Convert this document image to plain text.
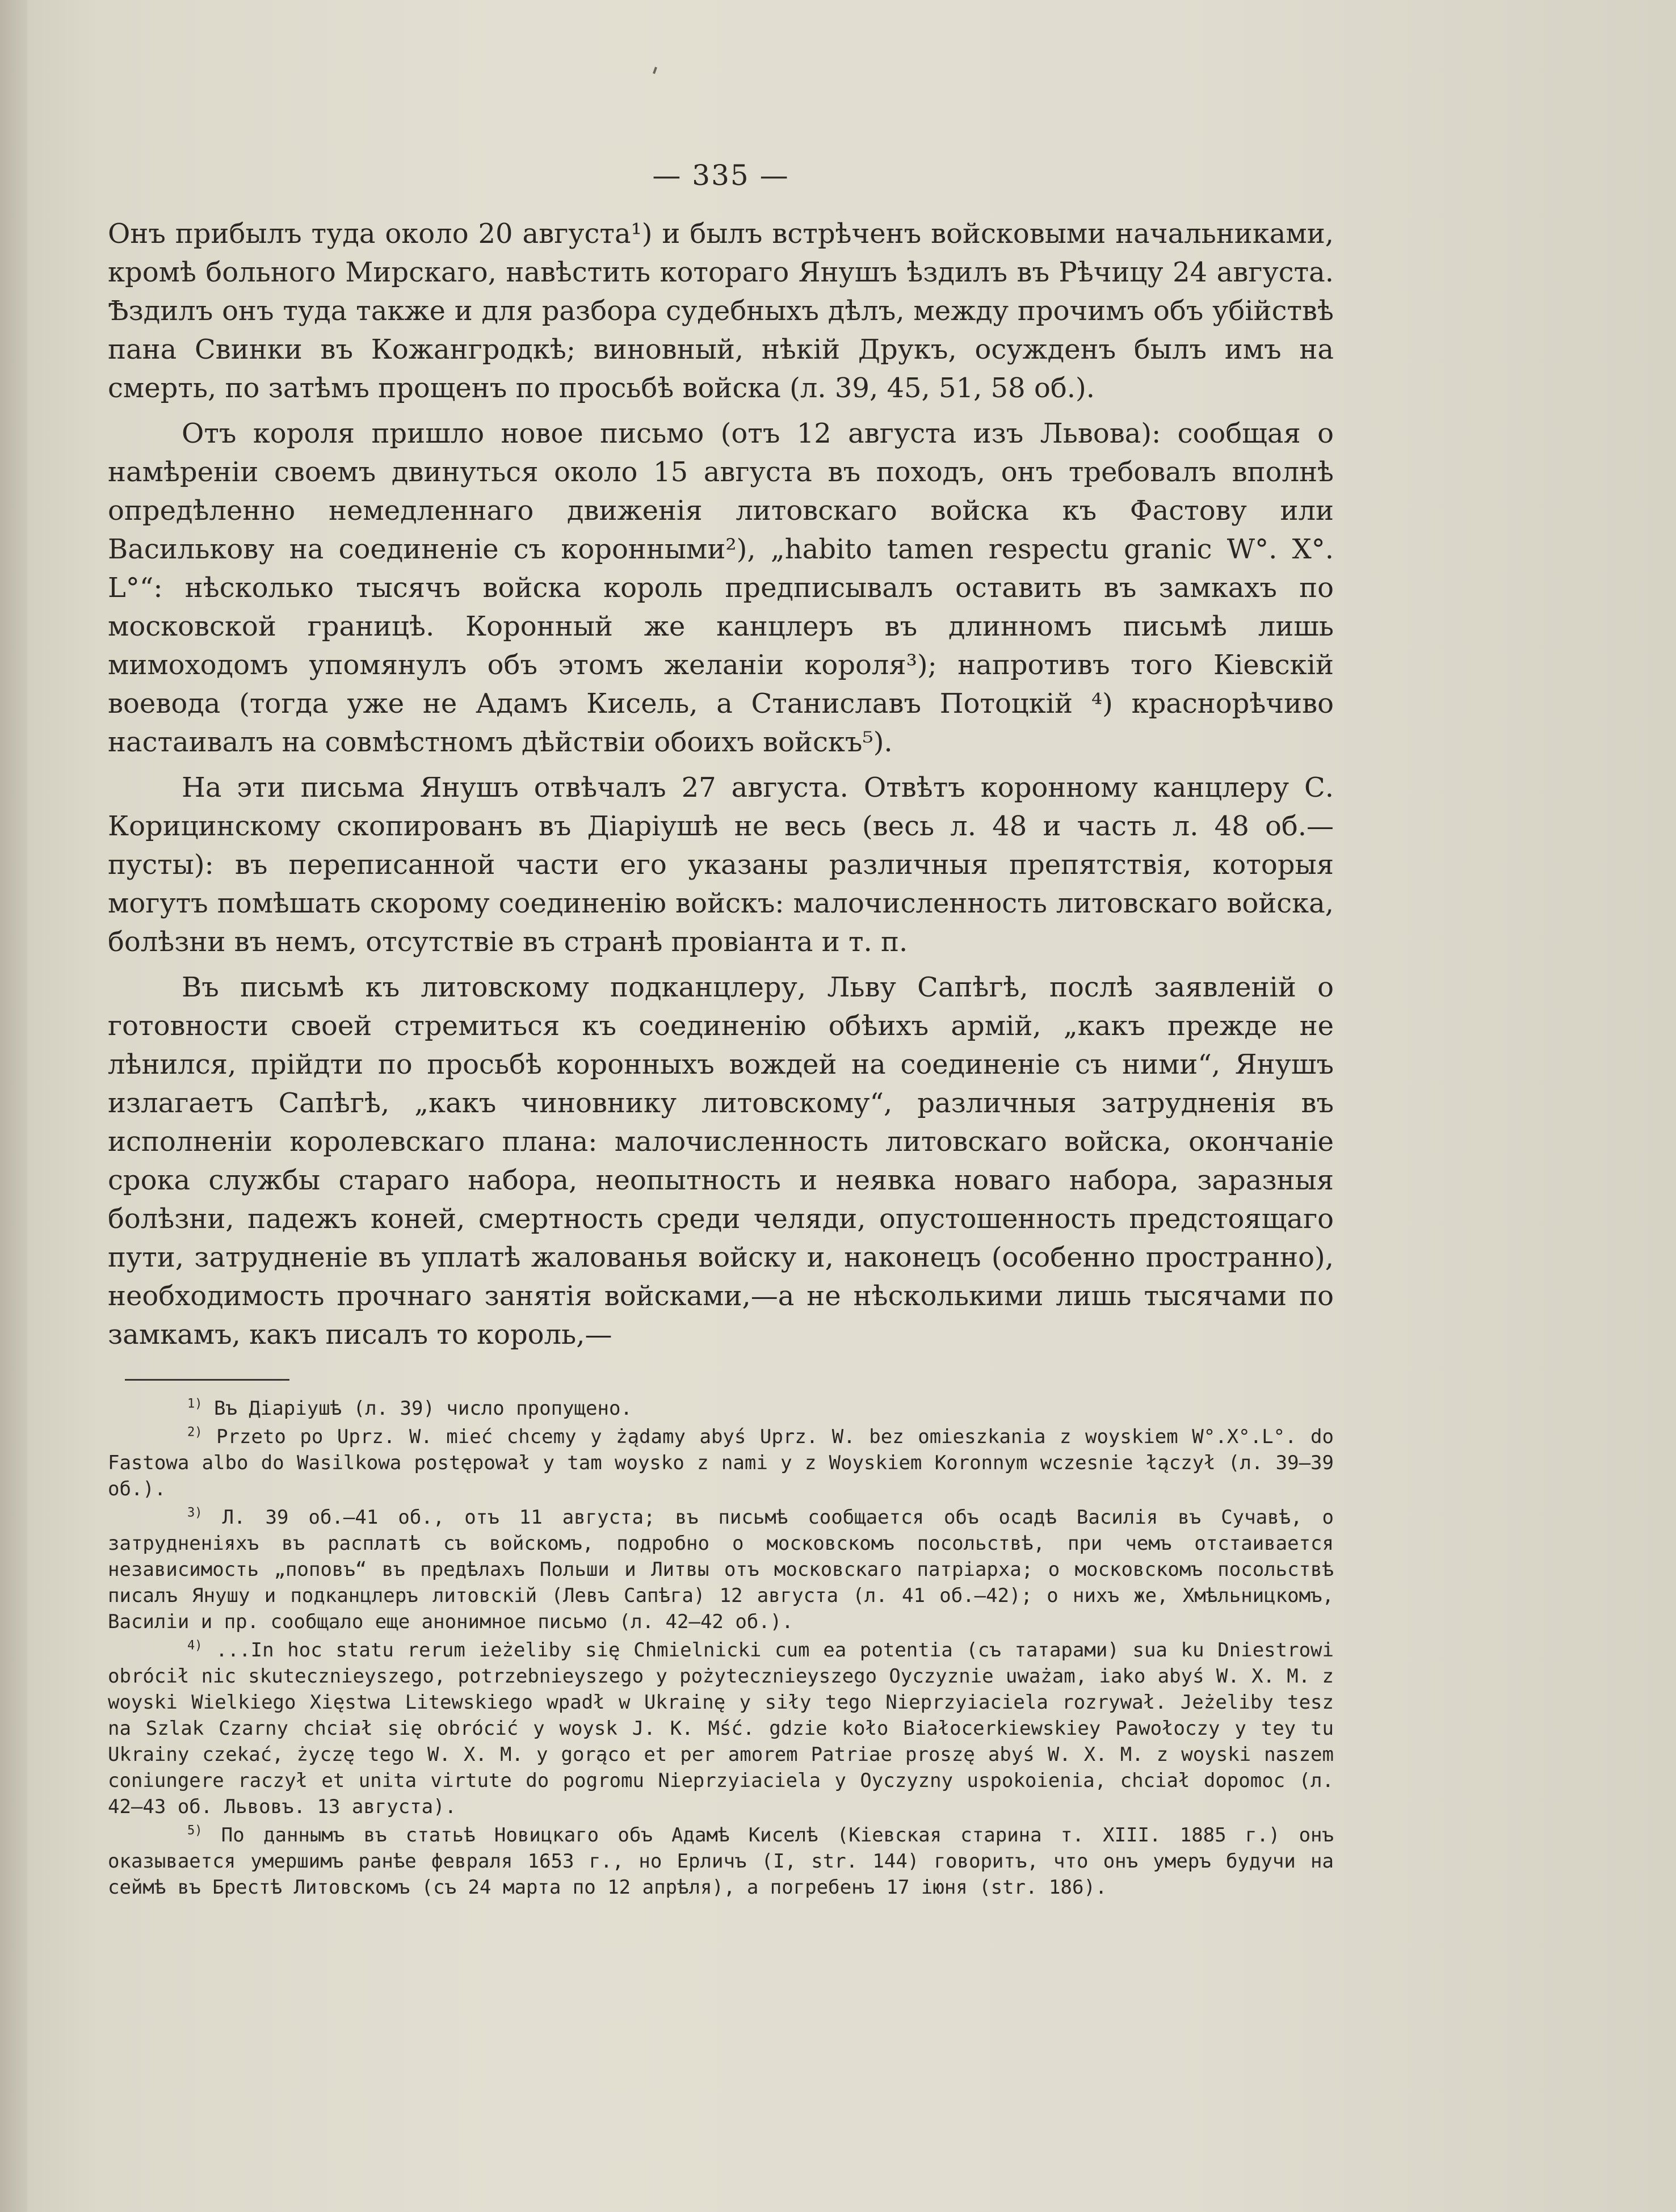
— 335 —

Онъ прибылъ туда около 20 августа¹) и былъ встрѣченъ войсковыми начальниками, кромѣ больного Мирскаго, навѣстить котораго Янушъ ѣздилъ въ Рѣчицу 24 августа. Ѣздилъ онъ туда также и для разбора судебныхъ дѣлъ, между прочимъ объ убійствѣ пана Свинки въ Кожангродкѣ; виновный, нѣкій Друкъ, осужденъ былъ имъ на смерть, по затѣмъ прощенъ по просьбѣ войска (л. 39, 45, 51, 58 об.).

Отъ короля пришло новое письмо (отъ 12 августа изъ Львова): сообщая о намѣреніи своемъ двинуться около 15 августа въ походъ, онъ требовалъ вполнѣ опредѣленно немедленнаго движенія литовскаго войска къ Фастову или Василькову на соединеніе съ коронными²), „habito tamen respectu granic W°. X°. L°“: нѣсколько тысячъ войска король предписывалъ оставить въ замкахъ по московской границѣ. Коронный же канцлеръ въ длинномъ письмѣ лишь мимоходомъ упомянулъ объ этомъ желаніи короля³); напротивъ того Кіевскій воевода (тогда уже не Адамъ Кисель, а Станиславъ Потоцкій ⁴) краснорѣчиво настаивалъ на совмѣстномъ дѣйствіи обоихъ войскъ⁵).

На эти письма Янушъ отвѣчалъ 27 августа. Отвѣтъ коронному канцлеру С. Корицинскому скопированъ въ Діаріушѣ не весь (весь л. 48 и часть л. 48 об.—пусты): въ переписанной части его указаны различныя препятствія, которыя могутъ помѣшать скорому соединенію войскъ: малочисленность литовскаго войска, болѣзни въ немъ, отсутствіе въ странѣ провіанта и т. п.

Въ письмѣ къ литовскому подканцлеру, Льву Сапѣгѣ, послѣ заявленій о готовности своей стремиться къ соединенію обѣихъ армій, „какъ прежде не лѣнился, прійдти по просьбѣ коронныхъ вождей на соединеніе съ ними“, Янушъ излагаетъ Сапѣгѣ, „какъ чиновнику литовскому“, различныя затрудненія въ исполненіи королевскаго плана: малочисленность литовскаго войска, окончаніе срока службы стараго набора, неопытность и неявка новаго набора, заразныя болѣзни, падежъ коней, смертность среди челяди, опустошенность предстоящаго пути, затрудненіе въ уплатѣ жалованья войску и, наконецъ (особенно пространно), необходимость прочнаго занятія войсками,—а не нѣсколькими лишь тысячами по замкамъ, какъ писалъ то король,—

$^{1)}$ Въ Діаріушѣ (л. 39) число пропущено.

$^{2)}$ Przeto po Uprz. W. mieć chcemy y żądamy abyś Uprz. W. bez omieszkania z woyskiem W°.X°.L°. do Fastowa albo do Wasilkowa postępował y tam woysko z nami y z Woyskiem Koronnym wczesnie łączył (л. 39—39 об.).

$^{3)}$ Л. 39 об.—41 об., отъ 11 августа; въ письмѣ сообщается объ осадѣ Василія въ Сучавѣ, о затрудненіяхъ въ расплатѣ съ войскомъ, подробно о московскомъ посольствѣ, при чемъ отстаивается независимость „поповъ“ въ предѣлахъ Польши и Литвы отъ московскаго патріарха; о московскомъ посольствѣ писалъ Янушу и подканцлеръ литовскій (Левъ Сапѣга) 12 августа (л. 41 об.—42); о нихъ же, Хмѣльницкомъ, Василіи и пр. сообщало еще анонимное письмо (л. 42—42 об.).

$^{4)}$ ...In hoc statu rerum ieżeliby się Chmielnicki cum ea potentia (съ татарами) sua ku Dniestrowi obrócił nic skutecznieyszego, potrzebnieyszego y pożytecznieyszego Oyczyznie uważam, iako abyś W. X. M. z woyski Wielkiego Xięstwa Litewskiego wpadł w Ukrainę y siły tego Nieprzyiaciela rozrywał. Jeżeliby tesz na Szlak Czarny chciał się obrócić y woysk J. K. Mść. gdzie koło Białocerkiewskiey Pawołoczy y tey tu Ukrainy czekać, życzę tego W. X. M. y gorąco et per amorem Patriae proszę abyś W. X. M. z woyski naszem coniungere raczył et unita virtute do pogromu Nieprzyiaciela y Oyczyzny uspokoienia, chciał dopomoc (л. 42—43 об. Львовъ. 13 августа).

$^{5)}$ По даннымъ въ статьѣ Новицкаго объ Адамѣ Киселѣ (Кіевская старина т. XIII. 1885 г.) онъ оказывается умершимъ ранѣе февраля 1653 г., но Ерличъ (I, str. 144) говоритъ, что онъ умеръ будучи на сеймѣ въ Брестѣ Литовскомъ (съ 24 марта по 12 апрѣля), а погребенъ 17 іюня (str. 186).
